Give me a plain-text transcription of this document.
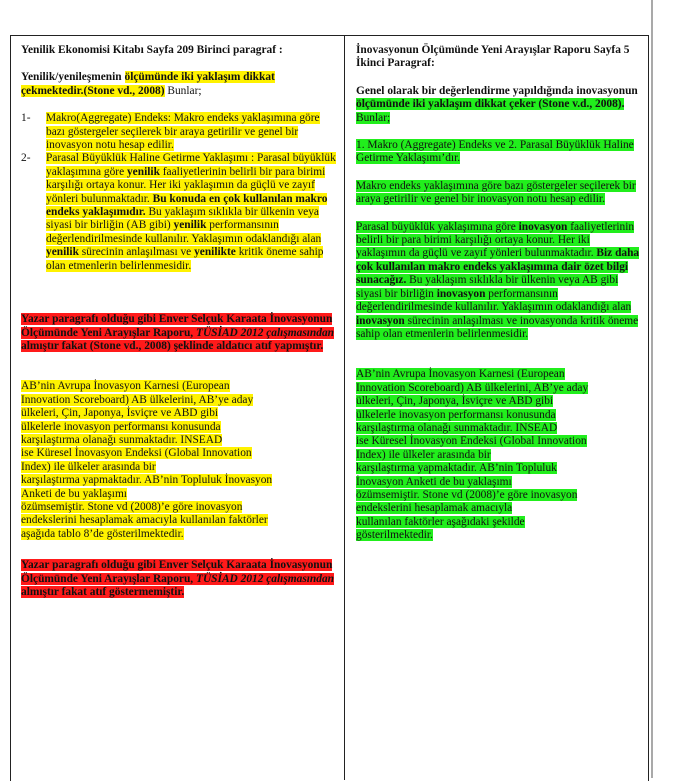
Yenilik Ekonomisi Kitabı Sayfa 209 Birinci paragraf :

Yenilik/yenileşmenin ölçümünde iki yaklaşım dikkat çekmektedir.(Stone vd., 2008) Bunlar;

1- Makro(Aggregate) Endeks: Makro endeks yaklaşımına göre bazı göstergeler seçilerek bir araya getirilir ve genel bir inovasyon notu hesap edilir.

2- Parasal Büyüklük Haline Getirme Yaklaşımı : Parasal büyüklük yaklaşımına göre yenilik faaliyetlerinin belirli bir para birimi karşılığı ortaya konur. Her iki yaklaşımın da güçlü ve zayıf yönleri bulunmaktadır. Bu konuda en çok kullanılan makro endeks yaklaşımıdır. Bu yaklaşım sıklıkla bir ülkenin veya siyasi bir birliğin (AB gibi) yenilik performansının değerlendirilmesinde kullanılır. Yaklaşımın odaklandığı alan yenilik sürecinin anlaşılması ve yenilikte kritik öneme sahip olan etmenlerin belirlenmesidir.

Yazar paragrafı olduğu gibi Enver Selçuk Karaata İnovasyonun Ölçümünde Yeni Arayışlar Raporu, TÜSİAD 2012 çalışmasından almıştır fakat (Stone vd., 2008) şeklinde aldatıcı atıf yapmıştır.

AB’nin Avrupa İnovasyon Karnesi (European
Innovation Scoreboard) AB ülkelerini, AB’ye aday
ülkeleri, Çin, Japonya, İsviçre ve ABD gibi
ülkelerle inovasyon performansı konusunda
karşılaştırma olanağı sunmaktadır. INSEAD
ise Küresel İnovasyon Endeksi (Global Innovation
Index) ile ülkeler arasında bir
karşılaştırma yapmaktadır. AB’nin Topluluk İnovasyon
Anketi de bu yaklaşımı
özümsemiştir. Stone vd (2008)’e göre inovasyon
endekslerini hesaplamak amacıyla kullanılan faktörler
aşağıda tablo 8’de gösterilmektedir.

Yazar paragrafı olduğu gibi Enver Selçuk Karaata İnovasyonun Ölçümünde Yeni Arayışlar Raporu, TÜSİAD 2012 çalışmasından almıştır fakat atıf göstermemiştir.

İnovasyonun Ölçümünde Yeni Arayışlar Raporu Sayfa 5 İkinci Paragraf:

Genel olarak bir değerlendirme yapıldığında inovasyonun ölçümünde iki yaklaşım dikkat çeker (Stone v.d., 2008). Bunlar;

1. Makro (Aggregate) Endeks ve 2. Parasal Büyüklük Haline Getirme Yaklaşımı’dır.

Makro endeks yaklaşımına göre bazı göstergeler seçilerek bir araya getirilir ve genel bir inovasyon notu hesap edilir.

Parasal büyüklük yaklaşımına göre inovasyon faaliyetlerinin belirli bir para birimi karşılığı ortaya konur. Her iki yaklaşımın da güçlü ve zayıf yönleri bulunmaktadır. Biz daha çok kullanılan makro endeks yaklaşımına dair özet bilgi sunacağız. Bu yaklaşım sıklıkla bir ülkenin veya AB gibi siyasi bir birliğin inovasyon performansının değerlendirilmesinde kullanılır. Yaklaşımın odaklandığı alan inovasyon sürecinin anlaşılması ve inovasyonda kritik öneme sahip olan etmenlerin belirlenmesidir.

AB’nin Avrupa İnovasyon Karnesi (European
Innovation Scoreboard) AB ülkelerini, AB’ye aday
ülkeleri, Çin, Japonya, İsviçre ve ABD gibi
ülkelerle inovasyon performansı konusunda
karşılaştırma olanağı sunmaktadır. INSEAD
ise Küresel İnovasyon Endeksi (Global Innovation
Index) ile ülkeler arasında bir
karşılaştırma yapmaktadır. AB’nin Topluluk
İnovasyon Anketi de bu yaklaşımı
özümsemiştir. Stone vd (2008)’e göre inovasyon
endekslerini hesaplamak amacıyla
kullanılan faktörler aşağıdaki şekilde
gösterilmektedir.
